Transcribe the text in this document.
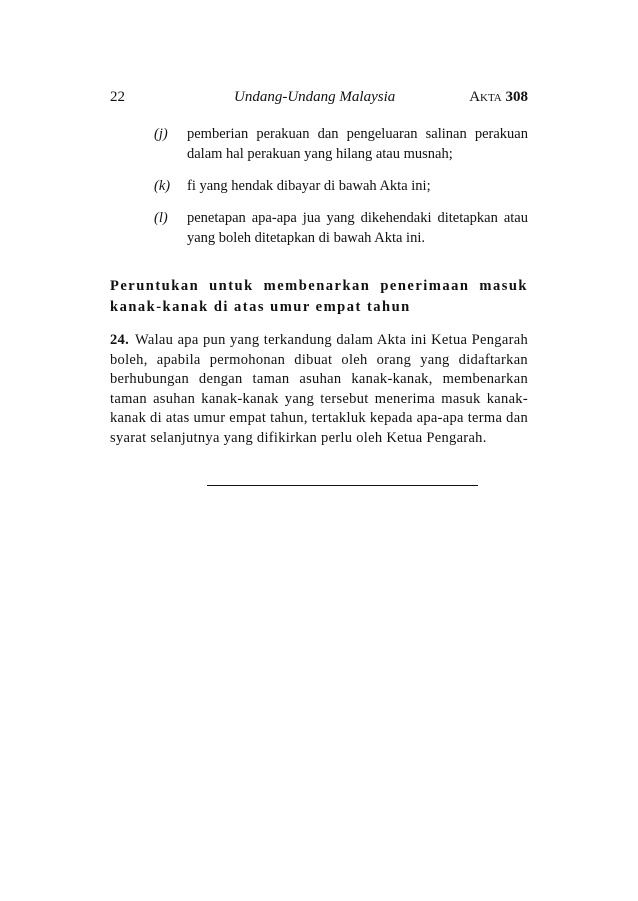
22	Undang-Undang Malaysia	Akta 308
(j) pemberian perakuan dan pengeluaran salinan perakuan dalam hal perakuan yang hilang atau musnah;
(k) fi yang hendak dibayar di bawah Akta ini;
(l) penetapan apa-apa jua yang dikehendaki ditetapkan atau yang boleh ditetapkan di bawah Akta ini.
Peruntukan untuk membenarkan penerimaan masuk kanak-kanak di atas umur empat tahun
24. Walau apa pun yang terkandung dalam Akta ini Ketua Pengarah boleh, apabila permohonan dibuat oleh orang yang didaftarkan berhubungan dengan taman asuhan kanak-kanak, membenarkan taman asuhan kanak-kanak yang tersebut menerima masuk kanak-kanak di atas umur empat tahun, tertakluk kepada apa-apa terma dan syarat selanjutnya yang difikirkan perlu oleh Ketua Pengarah.
